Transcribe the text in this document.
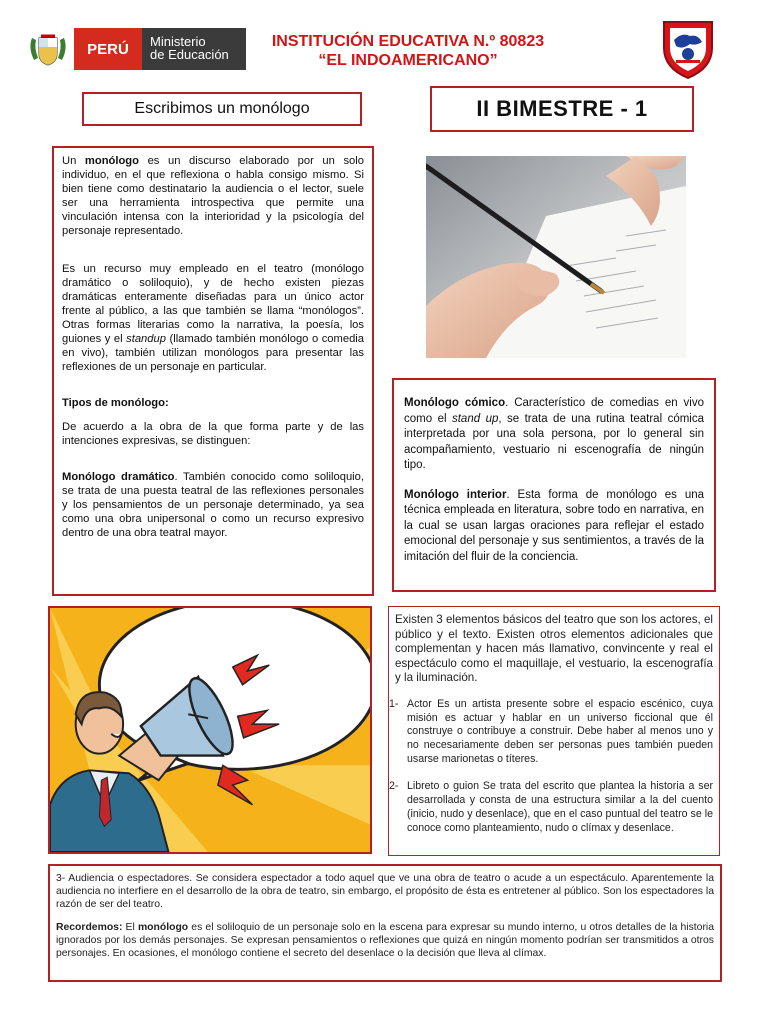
PERÚ	Ministerio
de Educación
INSTITUCIÓN EDUCATIVA N.º 80823
“EL INDOAMERICANO”
Escribimos un monólogo	II BIMESTRE - 1

Un monólogo es un discurso elaborado por un solo individuo, en el que reflexiona o habla consigo mismo. Si bien tiene como destinatario la audiencia o el lector, suele ser una herramienta introspectiva que permite una vinculación intensa con la interioridad y la psicología del personaje representado.

Es un recurso muy empleado en el teatro (monólogo dramático o soliloquio), y de hecho existen piezas dramáticas enteramente diseñadas para un único actor frente al público, a las que también se llama “monólogos”. Otras formas literarias como la narrativa, la poesía, los guiones y el standup (llamado también monólogo o comedia en vivo), también utilizan monólogos para presentar las reflexiones de un personaje en particular.

Tipos de monólogo:

De acuerdo a la obra de la que forma parte y de las intenciones expresivas, se distinguen:

Monólogo dramático. También conocido como soliloquio, se trata de una puesta teatral de las reflexiones personales y los pensamientos de un personaje determinado, ya sea como una obra unipersonal o como un recurso expresivo dentro de una obra teatral mayor.

Monólogo cómico. Característico de comedias en vivo como el stand up, se trata de una rutina teatral cómica interpretada por una sola persona, por lo general sin acompañamiento, vestuario ni escenografía de ningún tipo.

Monólogo interior. Esta forma de monólogo es una técnica empleada en literatura, sobre todo en narrativa, en la cual se usan largas oraciones para reflejar el estado emocional del personaje y sus sentimientos, a través de la imitación del fluir de la conciencia.

Existen 3 elementos básicos del teatro que son los actores, el público y el texto. Existen otros elementos adicionales que complementan y hacen más llamativo, convincente y real el espectáculo como el maquillaje, el vestuario, la escenografía y la iluminación.

1- Actor Es un artista presente sobre el espacio escénico, cuya misión es actuar y hablar en un universo ficcional que él construye o contribuye a construir. Debe haber al menos uno y no necesariamente deben ser personas pues también pueden usarse marionetas o títeres.
2- Libreto o guion Se trata del escrito que plantea la historia a ser desarrollada y consta de una estructura similar a la del cuento (inicio, nudo y desenlace), que en el caso puntual del teatro se le conoce como planteamiento, nudo o clímax y desenlace.

3- Audiencia o espectadores. Se considera espectador a todo aquel que ve una obra de teatro o acude a un espectáculo. Aparentemente la audiencia no interfiere en el desarrollo de la obra de teatro, sin embargo, el propósito de ésta es entretener al público. Son los espectadores la razón de ser del teatro.

Recordemos: El monólogo es el soliloquio de un personaje solo en la escena para expresar su mundo interno, u otros detalles de la historia ignorados por los demás personajes. Se expresan pensamientos o reflexiones que quizá en ningún momento podrían ser transmitidos a otros personajes. En ocasiones, el monólogo contiene el secreto del desenlace o la decisión que lleva al clímax.
